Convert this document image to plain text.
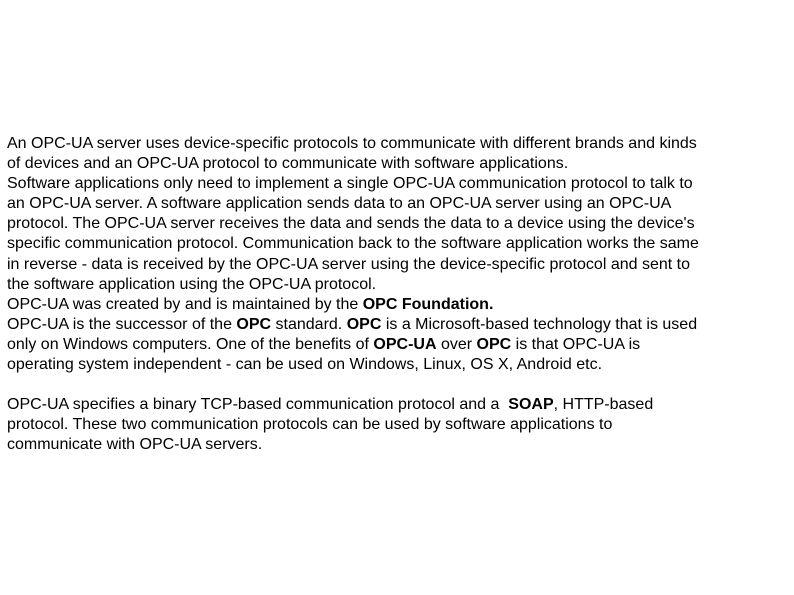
An OPC-UA server uses device-specific protocols to communicate with different brands and kinds
of devices and an OPC-UA protocol to communicate with software applications.
Software applications only need to implement a single OPC-UA communication protocol to talk to
an OPC-UA server. A software application sends data to an OPC-UA server using an OPC-UA
protocol. The OPC-UA server receives the data and sends the data to a device using the device's
specific communication protocol. Communication back to the software application works the same
in reverse - data is received by the OPC-UA server using the device-specific protocol and sent to
the software application using the OPC-UA protocol.
OPC-UA was created by and is maintained by the OPC Foundation.
OPC-UA is the successor of the OPC standard. OPC is a Microsoft-based technology that is used
only on Windows computers. One of the benefits of OPC-UA over OPC is that OPC-UA is
operating system independent - can be used on Windows, Linux, OS X, Android etc.
OPC-UA specifies a binary TCP-based communication protocol and a  SOAP, HTTP-based
protocol. These two communication protocols can be used by software applications to
communicate with OPC-UA servers.
